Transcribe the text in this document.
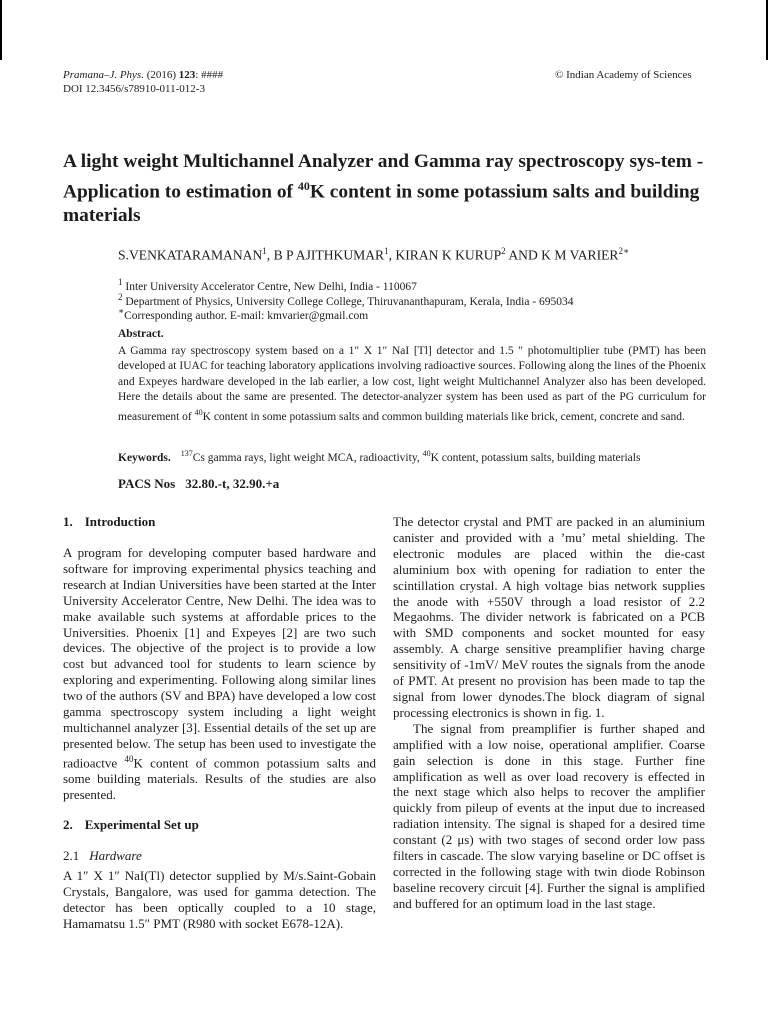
Pramana–J. Phys. (2016) 123: ####
DOI 12.3456/s78910-011-012-3
© Indian Academy of Sciences
A light weight Multichannel Analyzer and Gamma ray spectroscopy sys-tem - Application to estimation of $^{40}$K content in some potassium salts and building materials
S.VENKATARAMANAN$^1$, B P AJITHKUMAR$^1$, KIRAN K KURUP$^2$ AND K M $VARIER^{2∗}$
$^1$ Inter University Accelerator Centre, New Delhi, India - 110067
$^2$ Department of Physics, University College College, Thiruvananthapuram, Kerala, India - 695034
∗Corresponding author. E-mail: kmvarier@gmail.com
Abstract.
A Gamma ray spectroscopy system based on a 1″ X 1″ NaI [Tl] detector and 1.5 ″ photomultiplier tube (PMT) has been developed at IUAC for teaching laboratory applications involving radioactive sources. Following along the lines of the Phoenix and Expeyes hardware developed in the lab earlier, a low cost, light weight Multichannel Analyzer also has been developed. Here the details about the same are presented. The detector-analyzer system has been used as part of the PG curriculum for measurement of $^{40}$K content in some potassium salts and common building materials like brick, cement, concrete and sand.
Keywords. $^{137}$Cs gamma rays, light weight MCA, radioactivity, $^{40}$K content, potassium salts, building materials
PACS Nos 32.80.-t, 32.90.+a
1. Introduction

A program for developing computer based hardware and software for improving experimental physics teaching and research at Indian Universities have been started at the Inter University Accelerator Centre, New Delhi. The idea was to make available such systems at affordable prices to the Universities. Phoenix [1] and Expeyes [2] are two such devices. The objective of the project is to provide a low cost but advanced tool for students to learn science by exploring and experimenting. Following along similar lines two of the authors (SV and BPA) have developed a low cost gamma spectroscopy system including a light weight multichannel analyzer [3]. Essential details of the set up are presented below. The setup has been used to investigate the radioactve $^{40}$K content of common potassium salts and some building materials. Results of the studies are also presented.

2. Experimental Set up
2.1 Hardware

A 1″ X 1″ NaI(Tl) detector supplied by M/s.Saint-Gobain Crystals, Bangalore, was used for gamma detection. The detector has been optically coupled to a 10 stage, Hamamatsu 1.5″ PMT (R980 with socket E678-12A).

The detector crystal and PMT are packed in an aluminium canister and provided with a ’mu’ metal shielding. The electronic modules are placed within the die-cast aluminium box with opening for radiation to enter the scintillation crystal. A high voltage bias network supplies the anode with +550V through a load resistor of 2.2 Megaohms. The divider network is fabricated on a PCB with SMD components and socket mounted for easy assembly. A charge sensitive preamplifier having charge sensitivity of -1mV/ MeV routes the signals from the anode of PMT. At present no provision has been made to tap the signal from lower dynodes.The block diagram of signal processing electronics is shown in fig. 1.

The signal from preamplifier is further shaped and amplified with a low noise, operational amplifier. Coarse gain selection is done in this stage. Further fine amplification as well as over load recovery is effected in the next stage which also helps to recover the amplifier quickly from pileup of events at the input due to increased radiation intensity. The signal is shaped for a desired time constant (2 μs) with two stages of second order low pass filters in cascade. The slow varying baseline or DC offset is corrected in the following stage with twin diode Robinson baseline recovery circuit [4]. Further the signal is amplified and buffered for an optimum load in the last stage.
